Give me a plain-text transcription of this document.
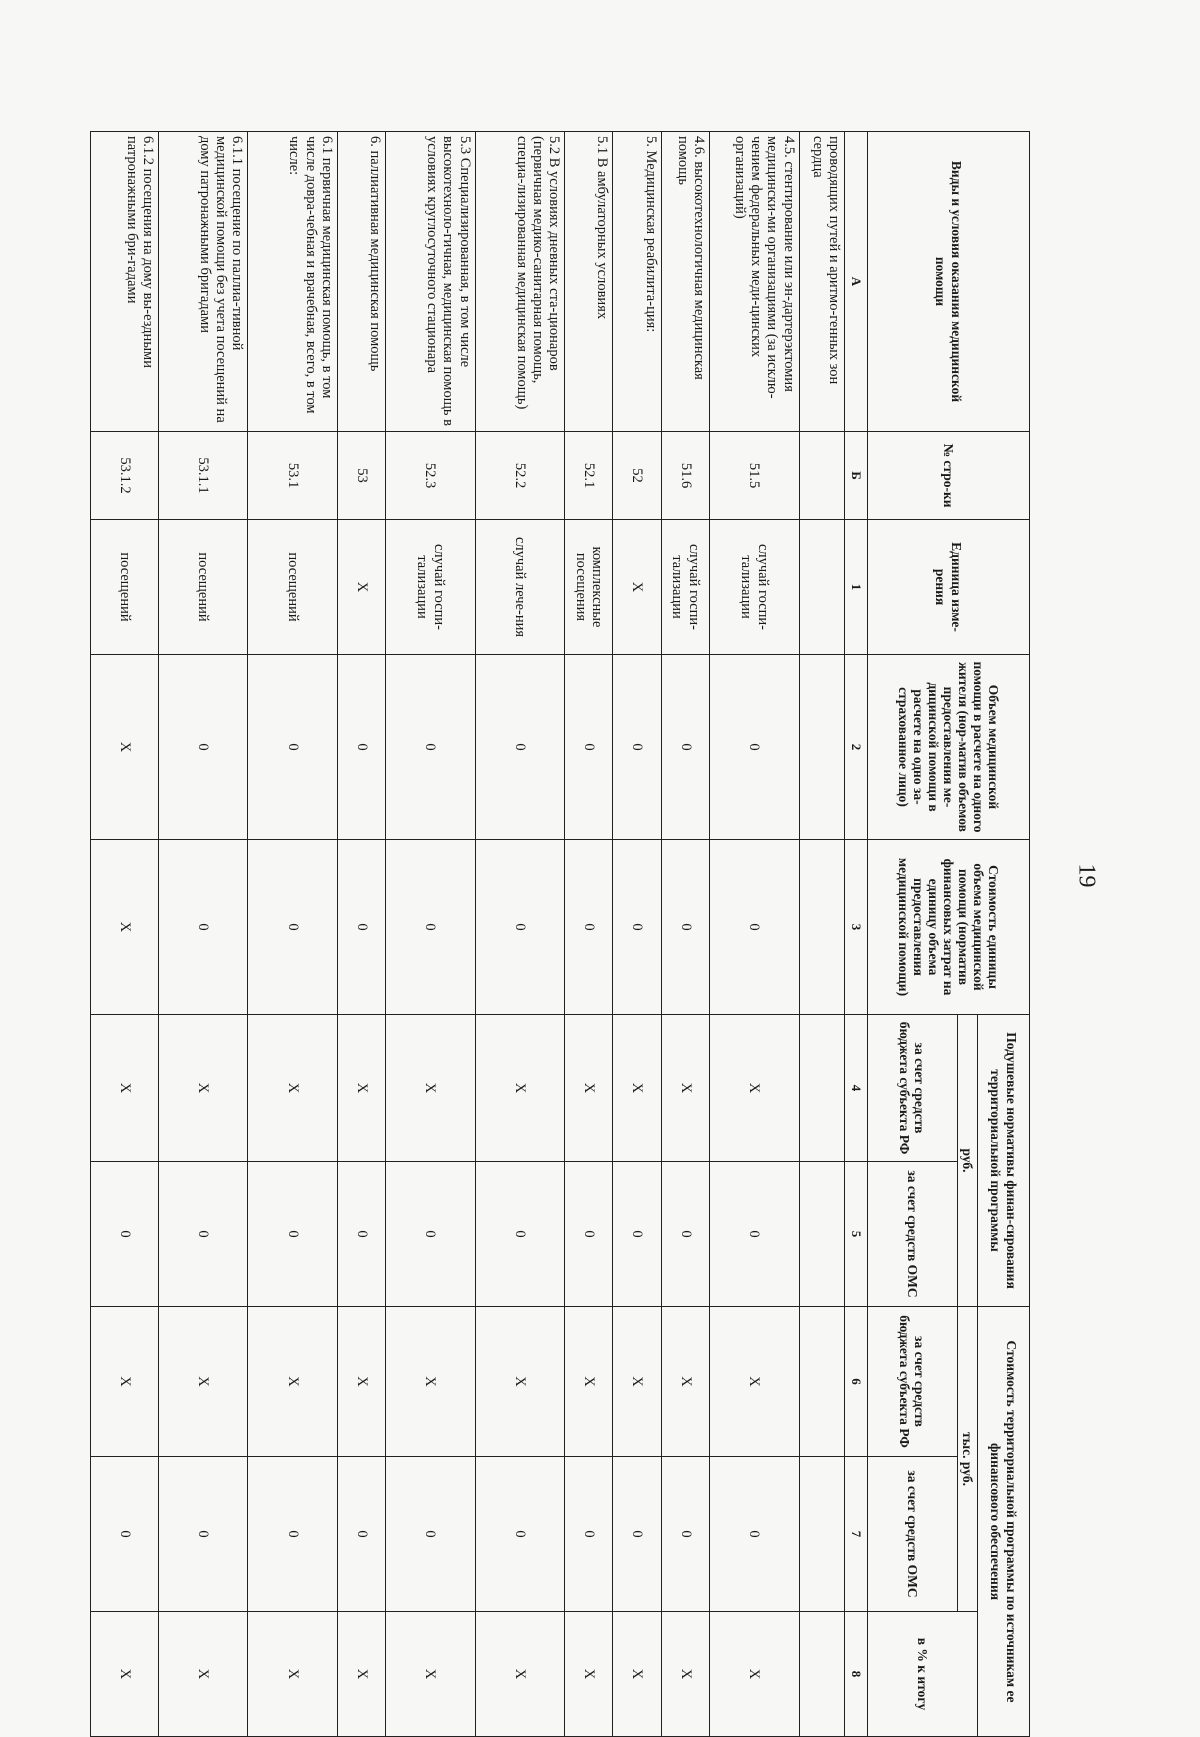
19
Виды и условия оказания медицинской помощи	№ стро-ки	Единица изме-рения	Объем медицинской помощи в расчете на одного жителя (нор-матив объемов предоставления ме-дицинской помощи в расчете на одно за-страхованное лицо)	Стоимость единицы объема медицинской помощи (норматив финансовых затрат на единицу объема предоставления медицинской помощи)	Подушевые нормативы финан-сирования территориальной программы		Стоимость территориальной программы по источникам ее финансового обеспечения		
					руб.		тыс. руб.		в % к итогу
					за счет средств бюджета субъекта РФ	за счет средств ОМС	за счет средств бюджета субъекта РФ	за счет средств ОМС	
А	Б	1	2	3	4	5	6	7	8
проводящих путей и аритмо-генных зон сердца									
4.5. стентирование или эн-дартерэктомия медицински-ми организациями (за исклю-чением федеральных меди-цинских организаций)	51.5	случай госпи-тализации	0	0	X	0	X	0	X
4.6. высокотехнологичная медицинская помощь	51.6	случай госпи-тализации	0	0	X	0	X	0	X
5. Медицинская реабилита-ция:	52	X	0	0	X	0	X	0	X
5.1 В амбулаторных условиях	52.1	комплексные посещения	0	0	X	0	X	0	X
5.2 В условиях дневных ста-ционаров (первичная медико-санитарная помощь, специа-лизированная медицинская помощь)	52.2	случай лече-ния	0	0	X	0	X	0	X
5.3 Специализированная, в том числе высокотехноло-гичная, медицинская помощь в условиях круглосуточного стационара	52.3	случай госпи-тализации	0	0	X	0	X	0	X
6. паллиативная медицинская помощь	53	X	0	0	X	0	X	0	X
6.1 первичная медицинская помощь, в том числе довра-чебная и врачебная, всего, в том числе:	53.1	посещений	0	0	X	0	X	0	X
6.1.1 посещение по паллиа-тивной медицинской помощи без учета посещений на дому патронажными бригадами	53.1.1	посещений	0	0	X	0	X	0	X
6.1.2 посещения на дому вы-ездными патронажными бри-гадами	53.1.2	посещений	X	X	X	0	X	0	X
